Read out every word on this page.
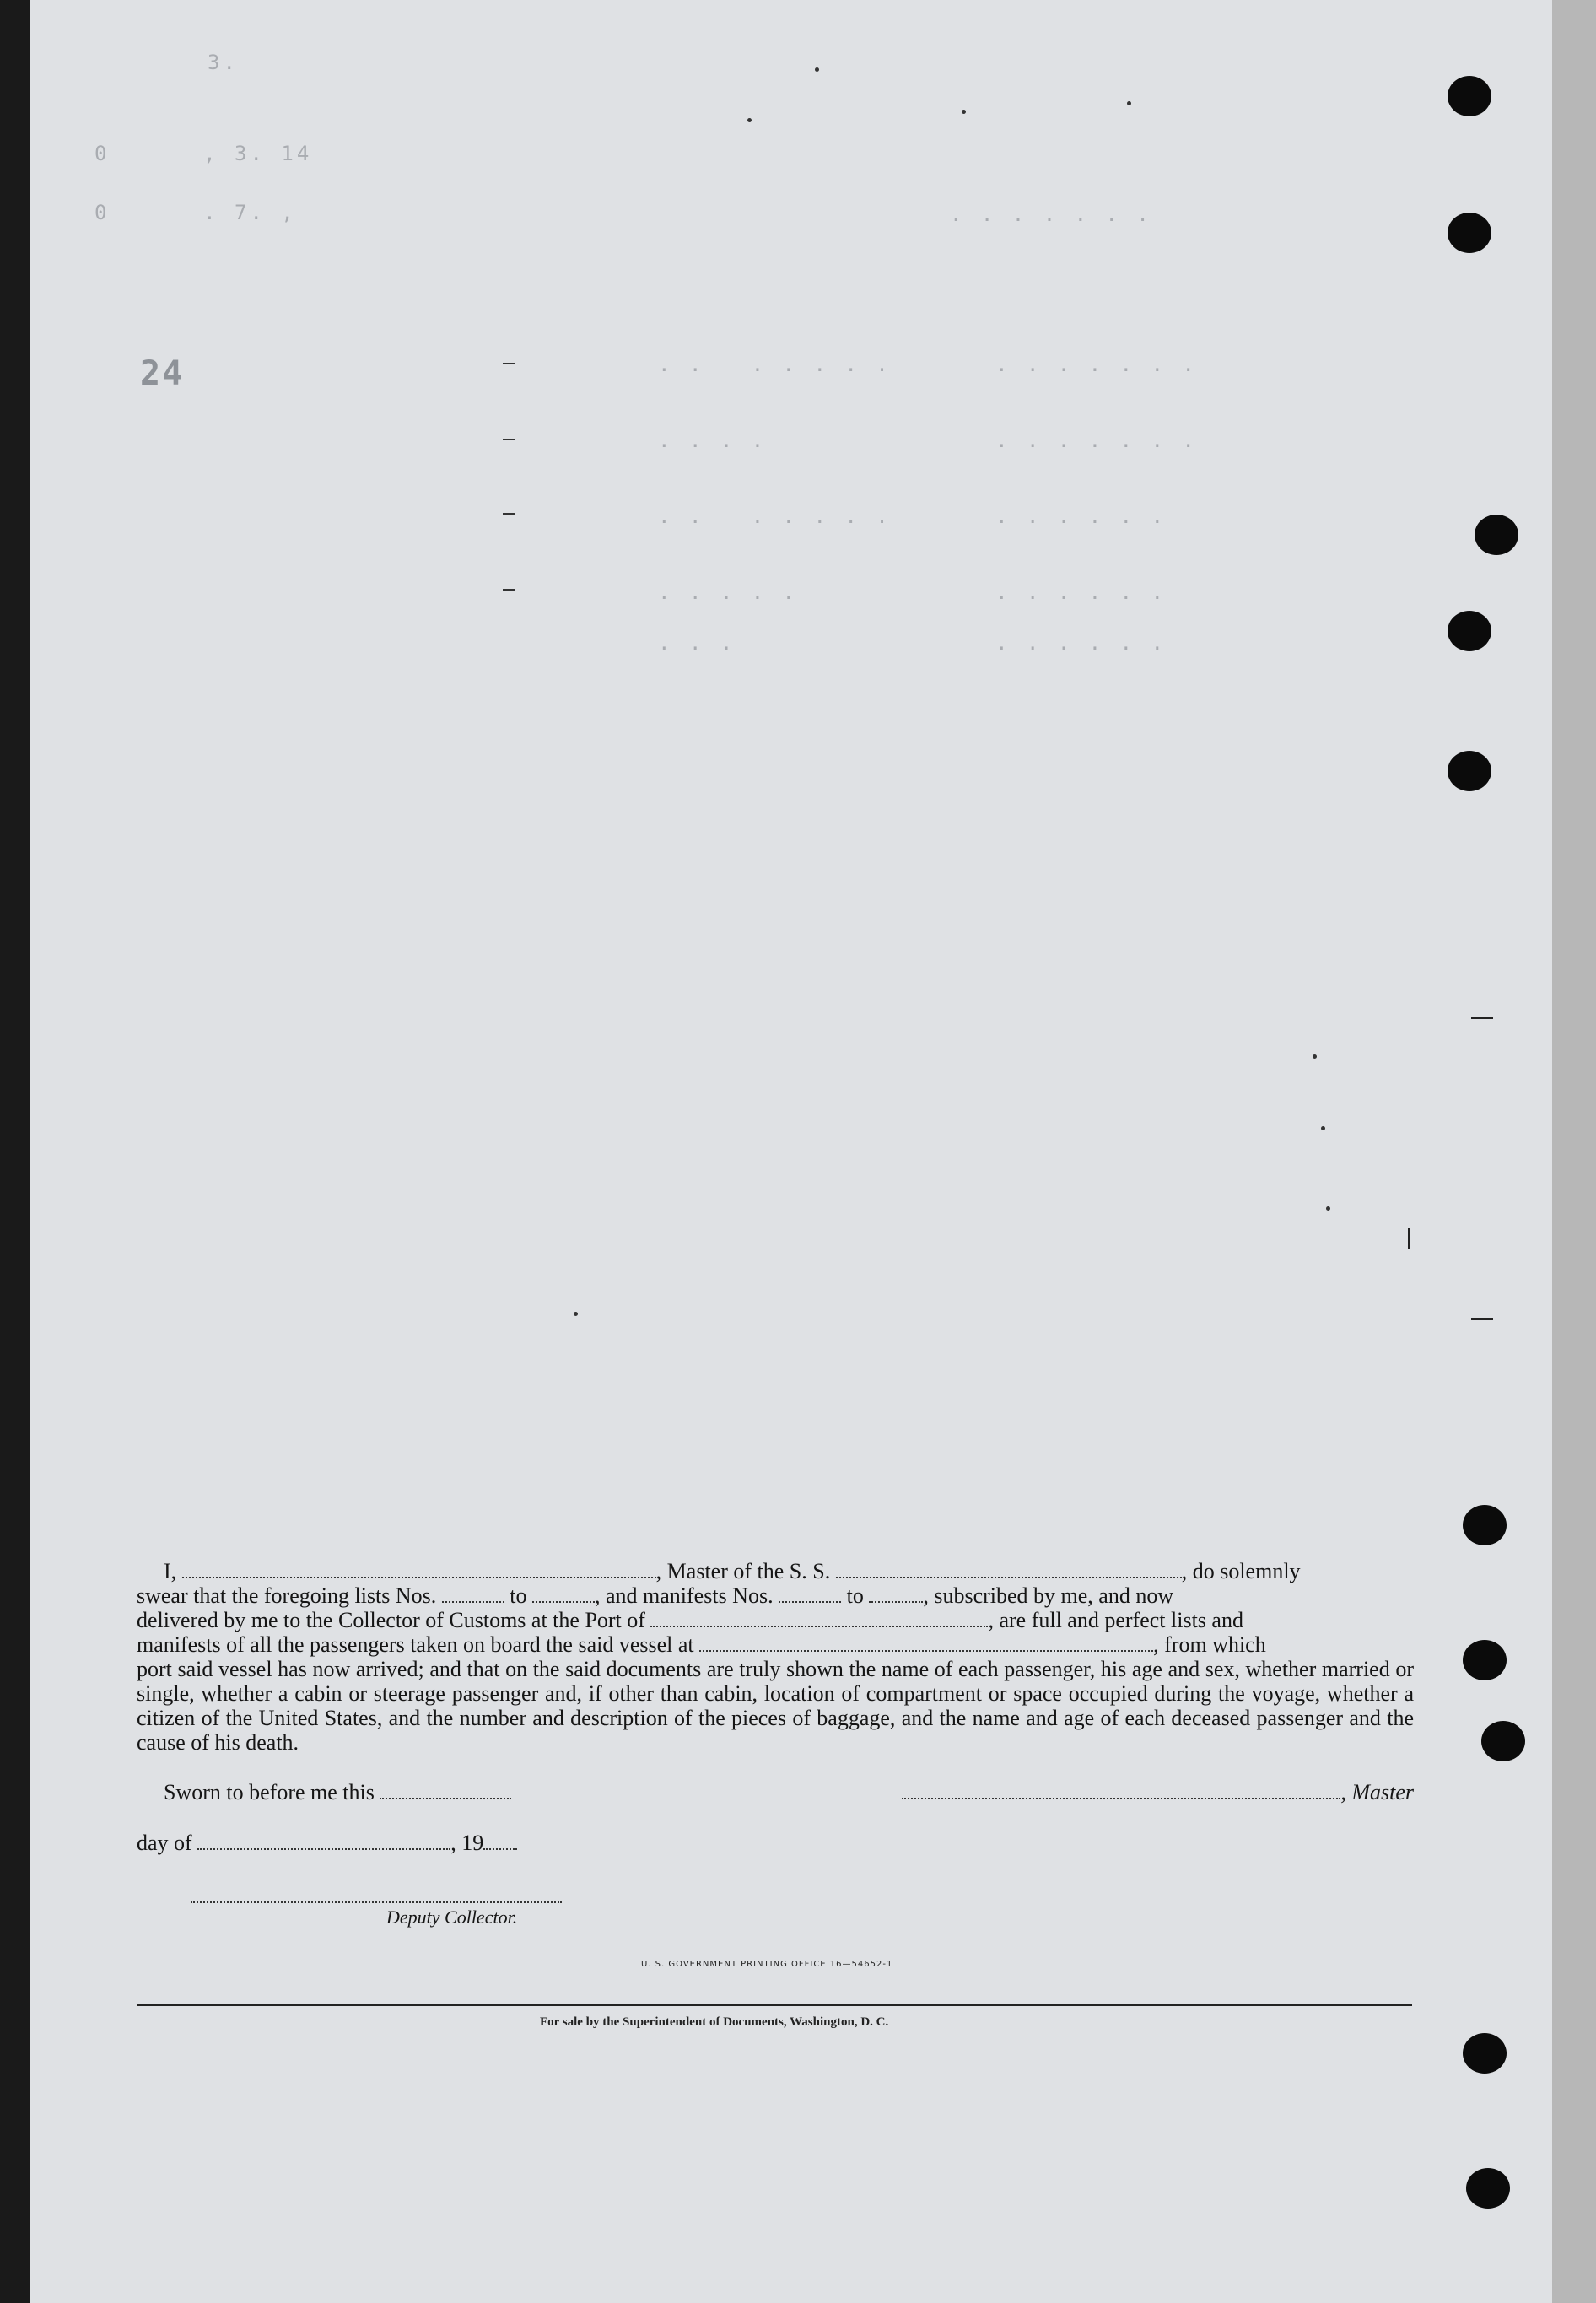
3.
0      , 3. 14
0      . 7. ,	. . . . . . .
24	. . . . .   . .	. . . . . . .
. . . .	. . . . . . .
. . . . .   . .	. . . . . .
. . . . .	. . . . . .
. . .	. . . . . .

I,	, Master of the S. S.	, do solemnly

swear that the foregoing lists Nos.	to	, and manifests Nos.	to	, subscribed by me, and now

delivered by me to the Collector of Customs at the Port of	, are full and perfect lists and

manifests of all the passengers taken on board the said vessel at	, from which

port said vessel has now arrived; and that on the said documents are truly shown the name of each passenger, his age and sex, whether married or single, whether a cabin or steerage passenger and, if other than cabin, location of compartment or space occupied during the voyage, whether a citizen of the United States, and the number and description of the pieces of baggage, and the name and age of each deceased passenger and the cause of his death.

Sworn to before me this	, Master
day of	, 19
Deputy Collector.
U. S. GOVERNMENT PRINTING OFFICE 16—54652-1
For sale by the Superintendent of Documents, Washington, D. C.
